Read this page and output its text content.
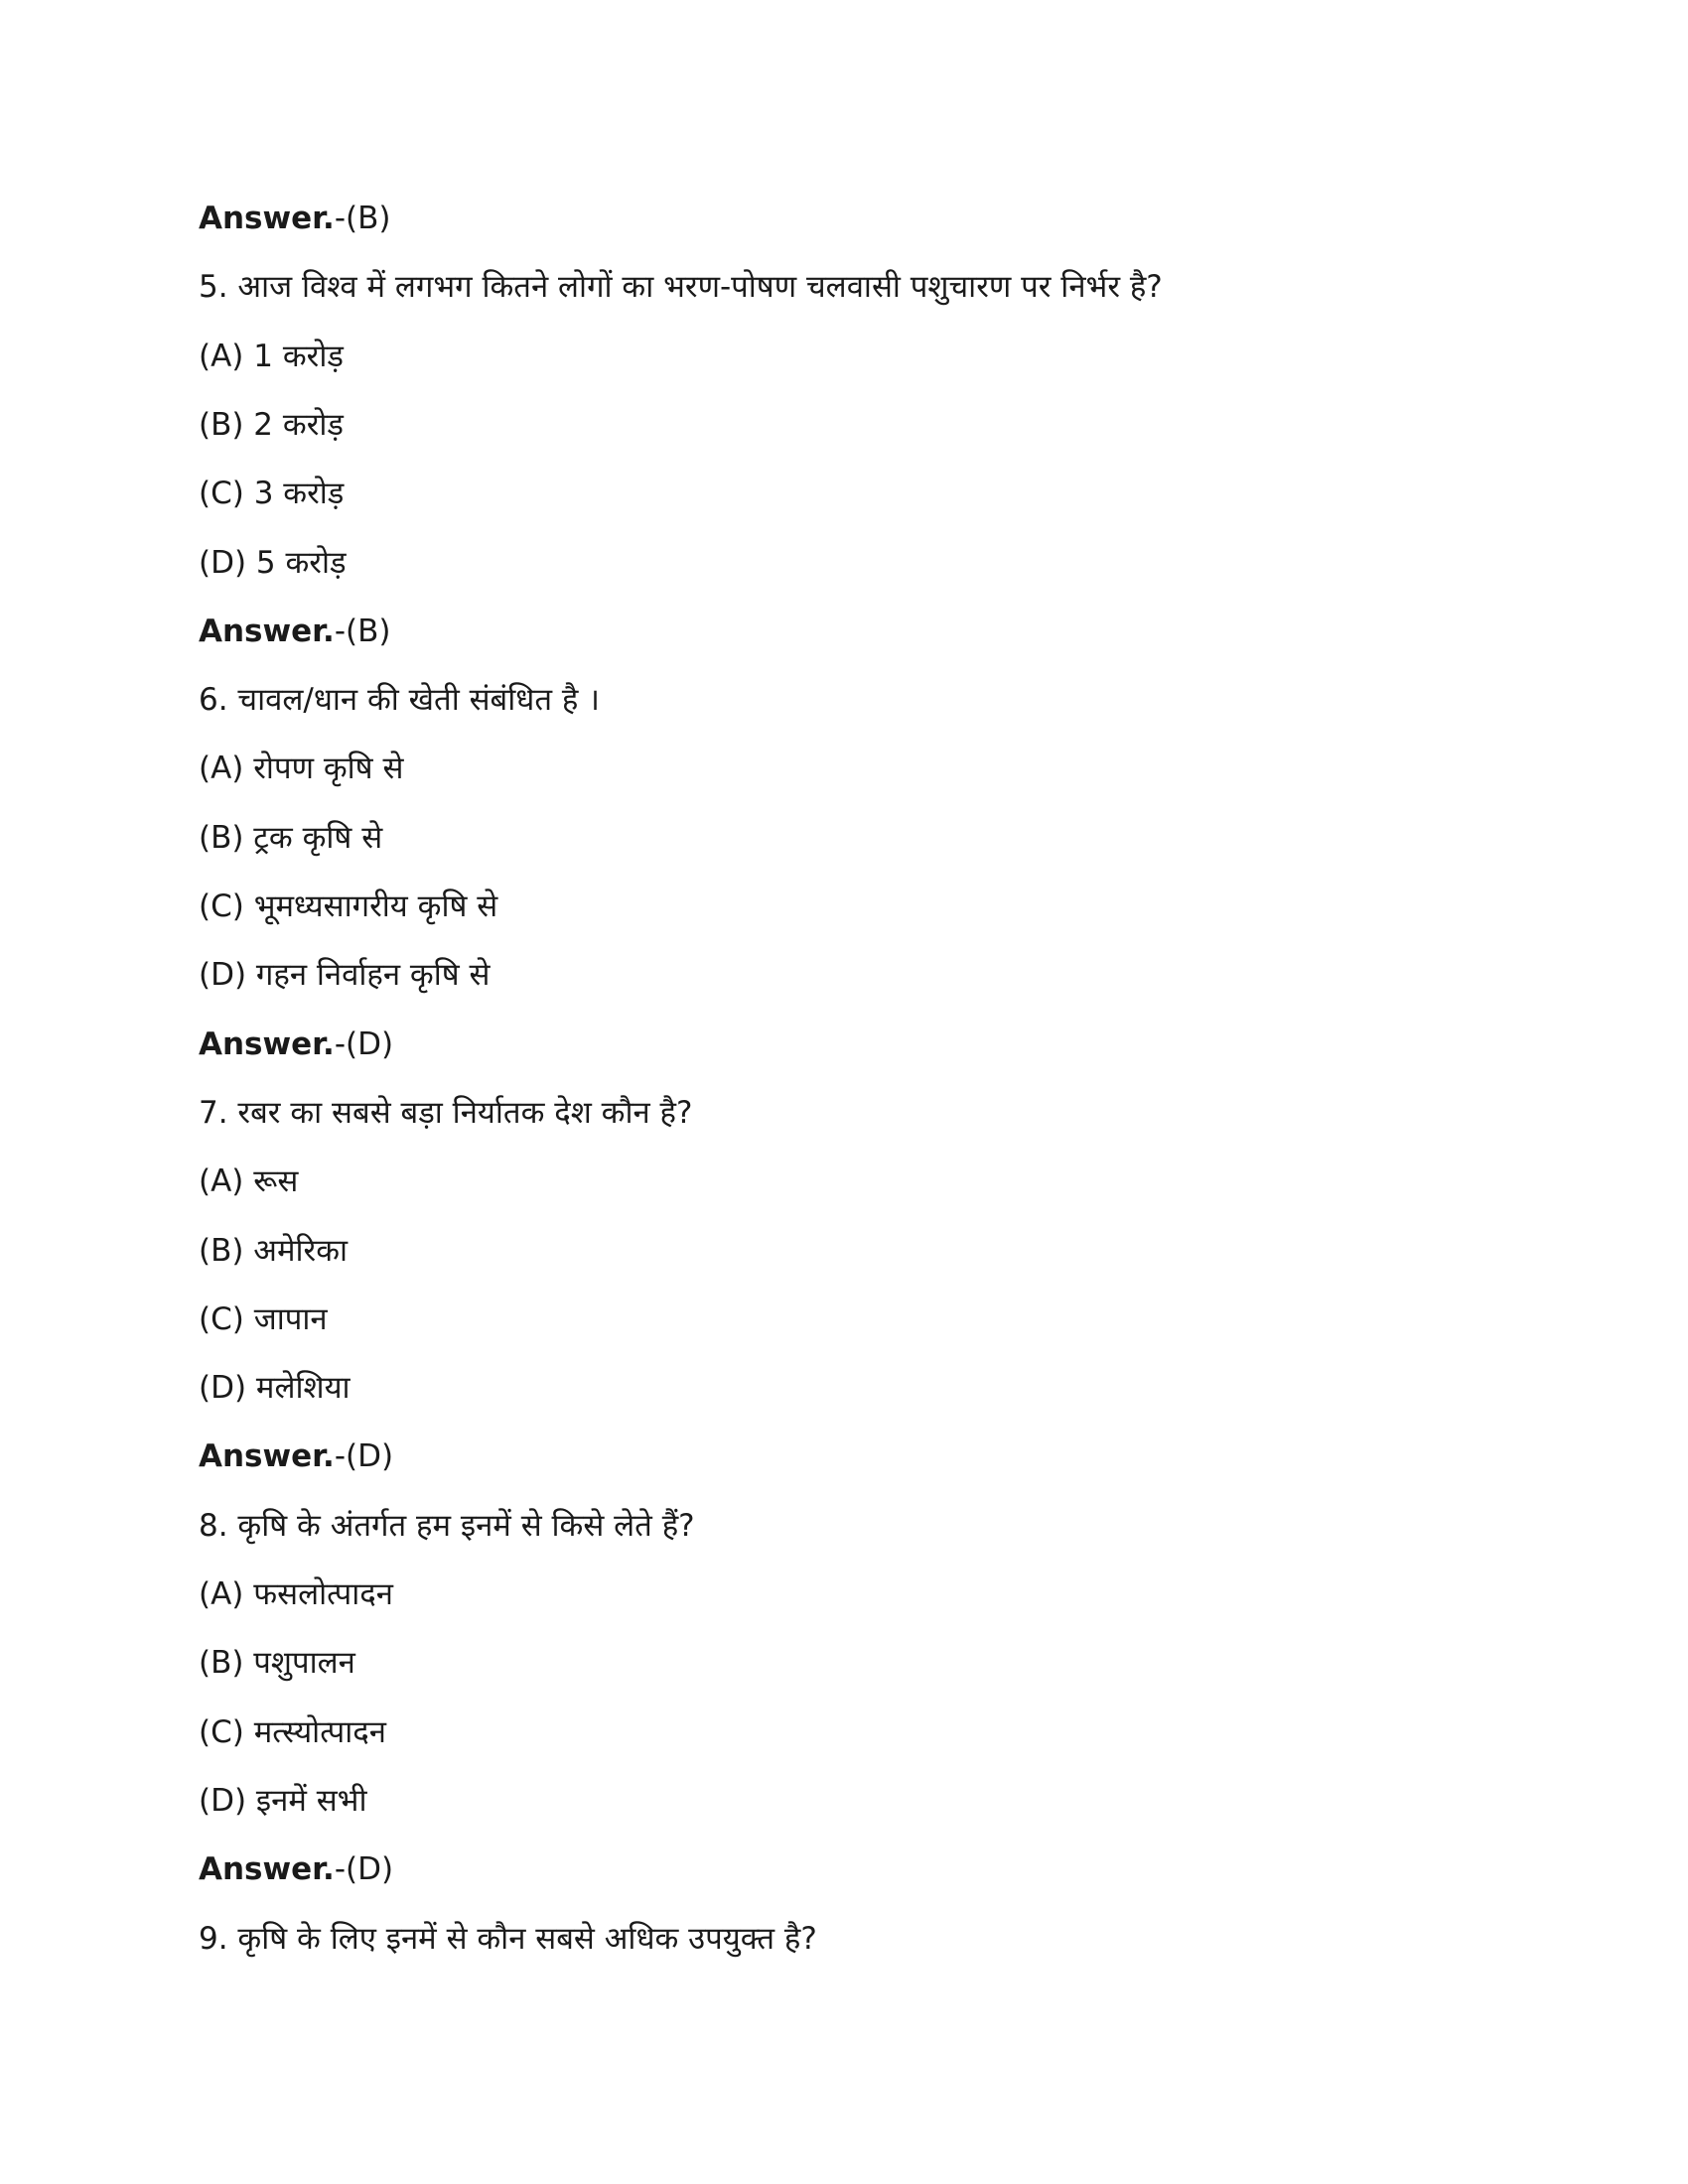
Answer.-(B)
5. आज विश्व में लगभग कितने लोगों का भरण-पोषण चलवासी पशुचारण पर निर्भर है?
(A) 1 करोड़
(B) 2 करोड़
(C) 3 करोड़
(D) 5 करोड़
Answer.-(B)
6. चावल/धान की खेती संबंधित है ।
(A) रोपण कृषि से
(B) ट्रक कृषि से
(C) भूमध्यसागरीय कृषि से
(D) गहन निर्वाहन कृषि से
Answer.-(D)
7. रबर का सबसे बड़ा निर्यातक देश कौन है?
(A) रूस
(B) अमेरिका
(C) जापान
(D) मलेशिया
Answer.-(D)
8. कृषि के अंतर्गत हम इनमें से किसे लेते हैं?
(A) फसलोत्पादन
(B) पशुपालन
(C) मत्स्योत्पादन
(D) इनमें सभी
Answer.-(D)
9. कृषि के लिए इनमें से कौन सबसे अधिक उपयुक्त है?
